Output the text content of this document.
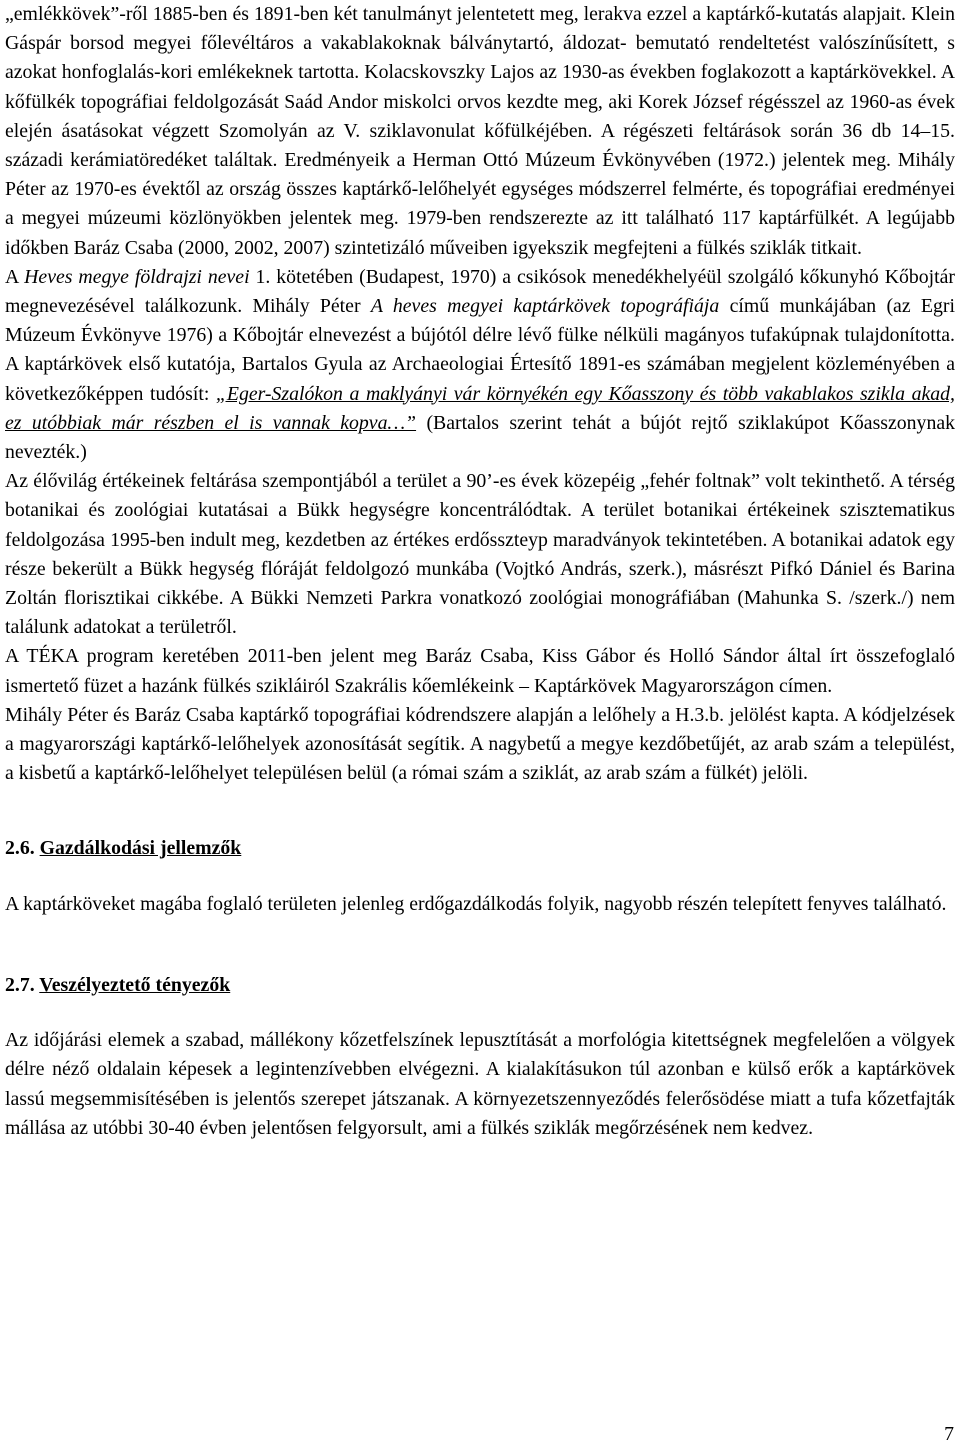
„emlékkövek”-ről 1885-ben és 1891-ben két tanulmányt jelentetett meg, lerakva ezzel a kaptárkő-kutatás alapjait. Klein Gáspár borsod megyei főlevéltáros a vakablakoknak bálványtartó, áldozat- bemutató rendeltetést valószínűsített, s azokat honfoglalás-kori emlékeknek tartotta. Kolacskovszky Lajos az 1930-as években foglakozott a kaptárkövekkel. A kőfülkék topográfiai feldolgozását Saád Andor miskolci orvos kezdte meg, aki Korek József régésszel az 1960-as évek elején ásatásokat végzett Szomolyán az V. sziklavonulat kőfülkéjében. A régészeti feltárások során 36 db 14–15. századi kerámiatöredéket találtak. Eredményeik a Herman Ottó Múzeum Évkönyvében (1972.) jelentek meg. Mihály Péter az 1970-es évektől az ország összes kaptárkő-lelőhelyét egységes módszerrel felmérte, és topográfiai eredményei a megyei múzeumi közlönyökben jelentek meg. 1979-ben rendszerezte az itt található 117 kaptárfülkét. A legújabb időkben Baráz Csaba (2000, 2002, 2007) szintetizáló műveiben igyekszik megfejteni a fülkés sziklák titkait.

A Heves megye földrajzi nevei 1. kötetében (Budapest, 1970) a csikósok menedékhelyéül szolgáló kőkunyhó Kőbojtár megnevezésével találkozunk. Mihály Péter A heves megyei kaptárkövek topográfiája című munkájában (az Egri Múzeum Évkönyve 1976) a Kőbojtár elnevezést a bújótól délre lévő fülke nélküli magányos tufakúpnak tulajdonította. A kaptárkövek első kutatója, Bartalos Gyula az Archaeologiai Értesítő 1891-es számában megjelent közleményében a következőképpen tudósít: „Eger-Szalókon a maklyányi vár környékén egy Kőasszony és több vakablakos szikla akad, ez utóbbiak már részben el is vannak kopva…” (Bartalos szerint tehát a bújót rejtő sziklakúpot Kőasszonynak nevezték.)

Az élővilág értékeinek feltárása szempontjából a terület a 90’-es évek közepéig „fehér foltnak” volt tekinthető. A térség botanikai és zoológiai kutatásai a Bükk hegységre koncentrálódtak. A terület botanikai értékeinek szisztematikus feldolgozása 1995-ben indult meg, kezdetben az értékes erdősszteyp maradványok tekintetében. A botanikai adatok egy része bekerült a Bükk hegység flóráját feldolgozó munkába (Vojtkó András, szerk.), másrészt Pifkó Dániel és Barina Zoltán florisztikai cikkébe. A Bükki Nemzeti Parkra vonatkozó zoológiai monográfiában (Mahunka S. /szerk./) nem találunk adatokat a területről.

A TÉKA program keretében 2011-ben jelent meg Baráz Csaba, Kiss Gábor és Holló Sándor által írt összefoglaló ismertető füzet a hazánk fülkés szikláiról Szakrális kőemlékeink – Kaptárkövek Magyarországon címen.

Mihály Péter és Baráz Csaba kaptárkő topográfiai kódrendszere alapján a lelőhely a H.3.b. jelölést kapta. A kódjelzések a magyarországi kaptárkő-lelőhelyek azonosítását segítik. A nagybetű a megye kezdőbetűjét, az arab szám a települést, a kisbetű a kaptárkő-lelőhelyet településen belül (a római szám a sziklát, az arab szám a fülkét) jelöli.

2.6. Gazdálkodási jellemzők

A kaptárköveket magába foglaló területen jelenleg erdőgazdálkodás folyik, nagyobb részén telepített fenyves található.

2.7. Veszélyeztető tényezők

Az időjárási elemek a szabad, mállékony kőzetfelszínek lepusztítását a morfológia kitettségnek megfelelően a völgyek délre néző oldalain képesek a legintenzívebben elvégezni. A kialakításukon túl azonban e külső erők a kaptárkövek lassú megsemmisítésében is jelentős szerepet játszanak. A környezetszennyeződés felerősödése miatt a tufa kőzetfajták mállása az utóbbi 30-40 évben jelentősen felgyorsult, ami a fülkés sziklák megőrzésének nem kedvez.

7
